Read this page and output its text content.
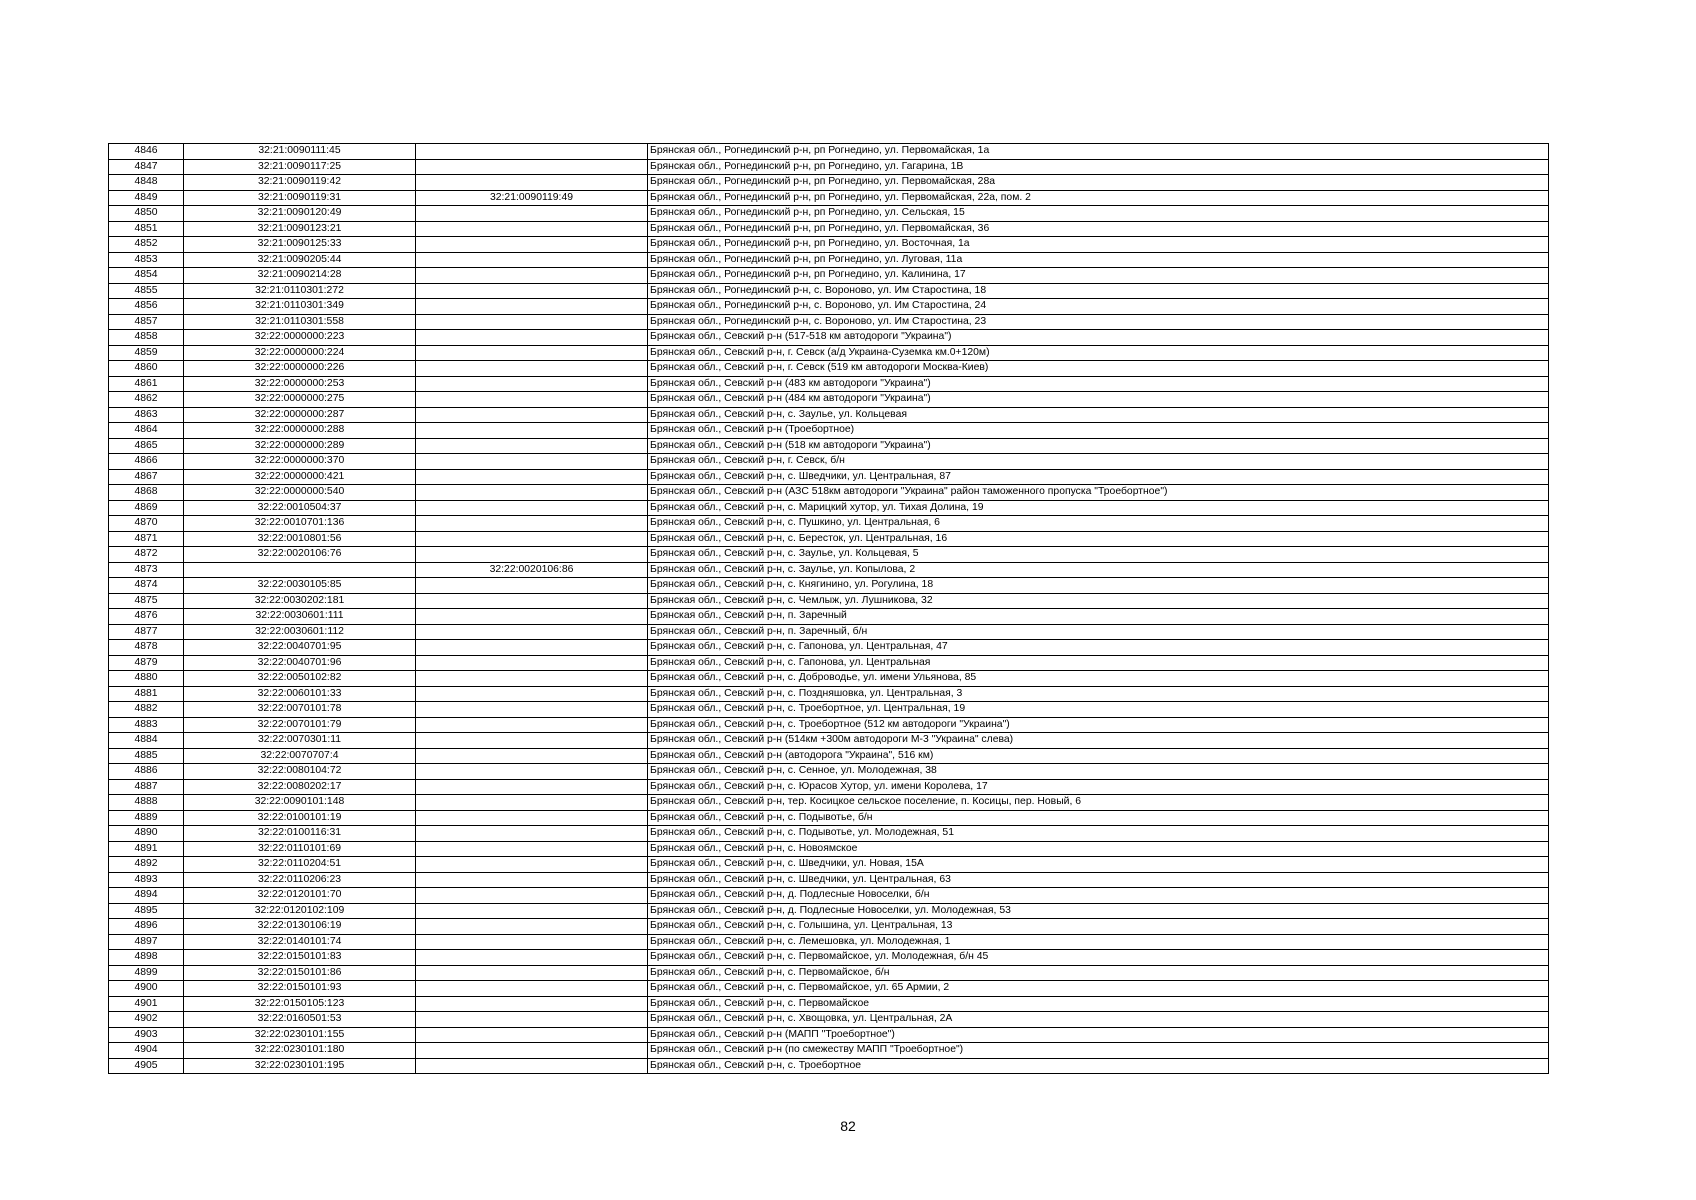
4846	32:21:0090111:45		Брянская обл., Рогнединский р-н, рп Рогнедино, ул. Первомайская, 1а
4847	32:21:0090117:25		Брянская обл., Рогнединский р-н, рп Рогнедино, ул. Гагарина, 1В
4848	32:21:0090119:42		Брянская обл., Рогнединский р-н, рп Рогнедино, ул. Первомайская, 28а
4849	32:21:0090119:31	32:21:0090119:49	Брянская обл., Рогнединский р-н, рп Рогнедино, ул. Первомайская, 22а, пом. 2
4850	32:21:0090120:49		Брянская обл., Рогнединский р-н, рп Рогнедино, ул. Сельская, 15
4851	32:21:0090123:21		Брянская обл., Рогнединский р-н, рп Рогнедино, ул. Первомайская, 36
4852	32:21:0090125:33		Брянская обл., Рогнединский р-н, рп Рогнедино, ул. Восточная, 1а
4853	32:21:0090205:44		Брянская обл., Рогнединский р-н, рп Рогнедино, ул. Луговая, 11а
4854	32:21:0090214:28		Брянская обл., Рогнединский р-н, рп Рогнедино, ул. Калинина, 17
4855	32:21:0110301:272		Брянская обл., Рогнединский р-н, с. Вороново, ул. Им Старостина, 18
4856	32:21:0110301:349		Брянская обл., Рогнединский р-н, с. Вороново, ул. Им Старостина, 24
4857	32:21:0110301:558		Брянская обл., Рогнединский р-н, с. Вороново, ул. Им Старостина, 23
4858	32:22:0000000:223		Брянская обл., Севский р-н (517-518 км автодороги "Украина")
4859	32:22:0000000:224		Брянская обл., Севский р-н, г. Севск (а/д Украина-Суземка км.0+120м)
4860	32:22:0000000:226		Брянская обл., Севский р-н, г. Севск (519 км автодороги Москва-Киев)
4861	32:22:0000000:253		Брянская обл., Севский р-н (483 км автодороги "Украина")
4862	32:22:0000000:275		Брянская обл., Севский р-н (484 км автодороги "Украина")
4863	32:22:0000000:287		Брянская обл., Севский р-н, с. Заулье, ул. Кольцевая
4864	32:22:0000000:288		Брянская обл., Севский р-н (Троебортное)
4865	32:22:0000000:289		Брянская обл., Севский р-н (518 км автодороги "Украина")
4866	32:22:0000000:370		Брянская обл., Севский р-н, г. Севск, б/н
4867	32:22:0000000:421		Брянская обл., Севский р-н, с. Шведчики, ул. Центральная, 87
4868	32:22:0000000:540		Брянская обл., Севский р-н (АЗС 518км автодороги "Украина" район таможенного пропуска "Троебортное")
4869	32:22:0010504:37		Брянская обл., Севский р-н, с. Марицкий хутор, ул. Тихая Долина, 19
4870	32:22:0010701:136		Брянская обл., Севский р-н, с. Пушкино, ул. Центральная, 6
4871	32:22:0010801:56		Брянская обл., Севский р-н, с. Бересток, ул. Центральная, 16
4872	32:22:0020106:76		Брянская обл., Севский р-н, с. Заулье, ул. Кольцевая, 5
4873		32:22:0020106:86	Брянская обл., Севский р-н, с. Заулье, ул. Копылова, 2
4874	32:22:0030105:85		Брянская обл., Севский р-н, с. Княгинино, ул. Рогулина, 18
4875	32:22:0030202:181		Брянская обл., Севский р-н, с. Чемлыж, ул. Лушникова, 32
4876	32:22:0030601:111		Брянская обл., Севский р-н, п. Заречный
4877	32:22:0030601:112		Брянская обл., Севский р-н, п. Заречный, б/н
4878	32:22:0040701:95		Брянская обл., Севский р-н, с. Гапонова, ул. Центральная, 47
4879	32:22:0040701:96		Брянская обл., Севский р-н, с. Гапонова, ул. Центральная
4880	32:22:0050102:82		Брянская обл., Севский р-н, с. Доброводье, ул. имени Ульянова, 85
4881	32:22:0060101:33		Брянская обл., Севский р-н, с. Поздняшовка, ул. Центральная, 3
4882	32:22:0070101:78		Брянская обл., Севский р-н, с. Троебортное, ул. Центральная, 19
4883	32:22:0070101:79		Брянская обл., Севский р-н, с. Троебортное (512 км автодороги "Украина")
4884	32:22:0070301:11		Брянская обл., Севский р-н (514км +300м автодороги М-3 "Украина" слева)
4885	32:22:0070707:4		Брянская обл., Севский р-н (автодорога "Украина", 516 км)
4886	32:22:0080104:72		Брянская обл., Севский р-н, с. Сенное, ул. Молодежная, 38
4887	32:22:0080202:17		Брянская обл., Севский р-н, с. Юрасов Хутор, ул. имени Королева, 17
4888	32:22:0090101:148		Брянская обл., Севский р-н, тер. Косицкое сельское поселение, п. Косицы, пер. Новый, 6
4889	32:22:0100101:19		Брянская обл., Севский р-н, с. Подывотье, б/н
4890	32:22:0100116:31		Брянская обл., Севский р-н, с. Подывотье, ул. Молодежная, 51
4891	32:22:0110101:69		Брянская обл., Севский р-н, с. Новоямское
4892	32:22:0110204:51		Брянская обл., Севский р-н, с. Шведчики, ул. Новая, 15А
4893	32:22:0110206:23		Брянская обл., Севский р-н, с. Шведчики, ул. Центральная, 63
4894	32:22:0120101:70		Брянская обл., Севский р-н, д. Подлесные Новоселки, б/н
4895	32:22:0120102:109		Брянская обл., Севский р-н, д. Подлесные Новоселки, ул. Молодежная, 53
4896	32:22:0130106:19		Брянская обл., Севский р-н, с. Голышина, ул. Центральная, 13
4897	32:22:0140101:74		Брянская обл., Севский р-н, с. Лемешовка, ул. Молодежная, 1
4898	32:22:0150101:83		Брянская обл., Севский р-н, с. Первомайское, ул. Молодежная, б/н 45
4899	32:22:0150101:86		Брянская обл., Севский р-н, с. Первомайское, б/н
4900	32:22:0150101:93		Брянская обл., Севский р-н, с. Первомайское, ул. 65 Армии, 2
4901	32:22:0150105:123		Брянская обл., Севский р-н, с. Первомайское
4902	32:22:0160501:53		Брянская обл., Севский р-н, с. Хвощовка, ул. Центральная, 2А
4903	32:22:0230101:155		Брянская обл., Севский р-н (МАПП "Троебортное")
4904	32:22:0230101:180		Брянская обл., Севский р-н (по смежеству МАПП "Троебортное")
4905	32:22:0230101:195		Брянская обл., Севский р-н, с. Троебортное
82
